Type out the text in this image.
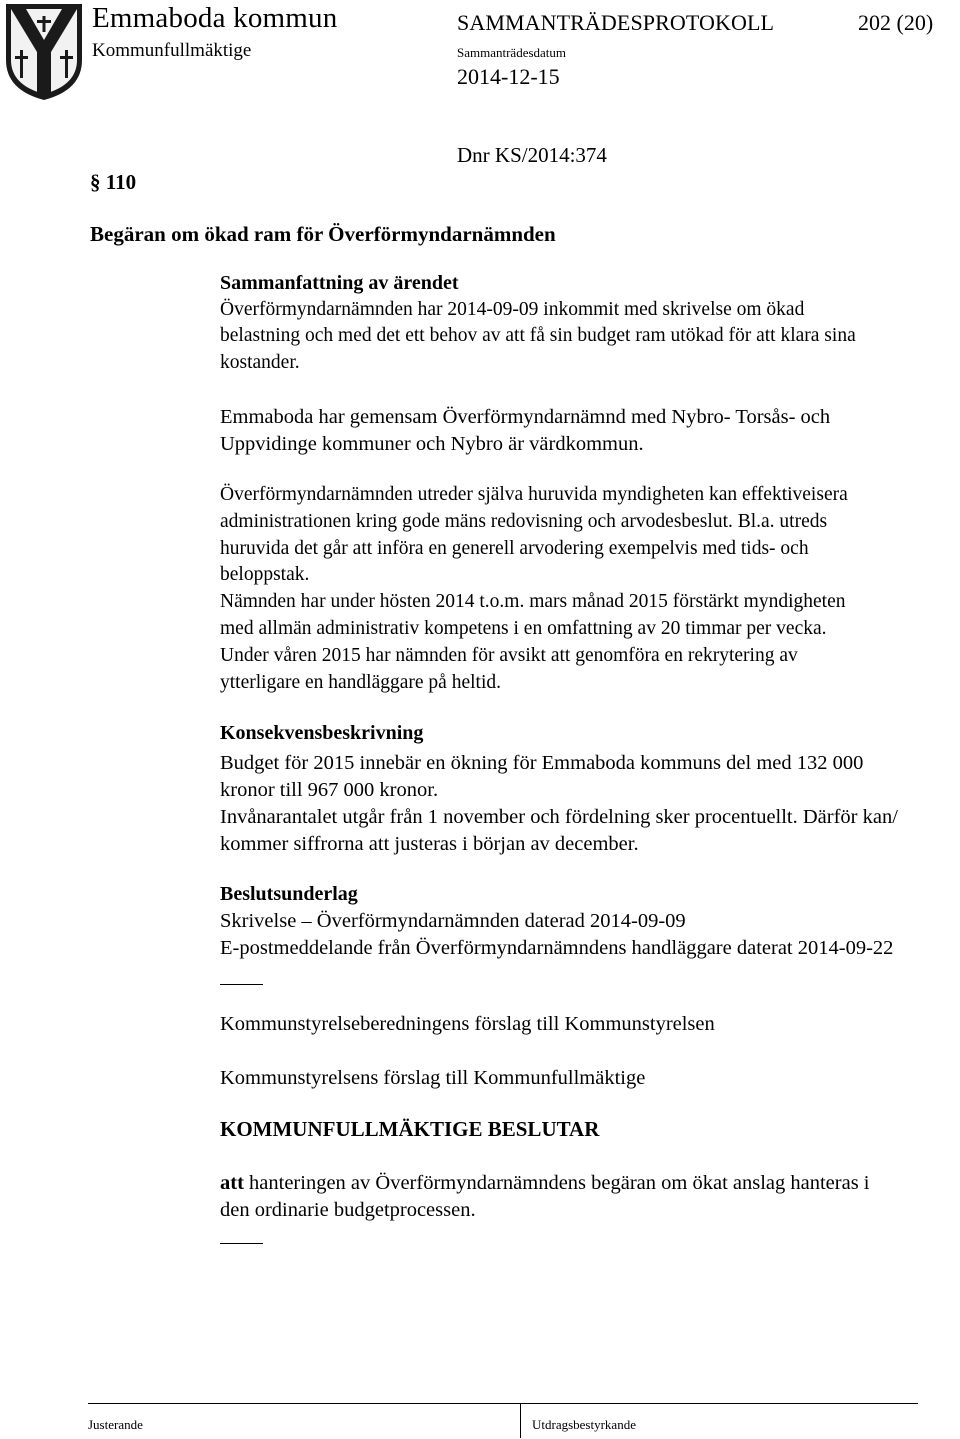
Emmaboda kommun
Kommunfullmäktige
SAMMANTRÄDESPROTOKOLL	202 (20)
Sammanträdesdatum
2014-12-15
§ 110
Dnr KS/2014:374
Begäran om ökad ram för Överförmyndarnämnden

Sammanfattning av ärendet

Överförmyndarnämnden har 2014-09-09 inkommit med skrivelse om ökad

belastning och med det ett behov av att få sin budget ram utökad för att klara sina

kostander.

Emmaboda har gemensam Överförmyndarnämnd med Nybro- Torsås- och

Uppvidinge kommuner och Nybro är värdkommun.

Överförmyndarnämnden utreder själva huruvida myndigheten kan effektiveisera

administrationen kring gode mäns redovisning och arvodesbeslut. Bl.a. utreds

huruvida det går att införa en generell arvodering exempelvis med tids- och

beloppstak.

Nämnden har under hösten 2014 t.o.m. mars månad 2015 förstärkt myndigheten

med allmän administrativ kompetens i en omfattning av 20 timmar per vecka.

Under våren 2015 har nämnden för avsikt att genomföra en rekrytering av

ytterligare en handläggare på heltid.

Konsekvensbeskrivning

Budget för 2015 innebär en ökning för Emmaboda kommuns del med 132 000

kronor till 967 000 kronor.

Invånarantalet utgår från 1 november och fördelning sker procentuellt. Därför kan/

kommer siffrorna att justeras i början av december.

Beslutsunderlag

Skrivelse – Överförmyndarnämnden daterad 2014-09-09

E-postmeddelande från Överförmyndarnämndens handläggare daterat 2014-09-22

Kommunstyrelseberedningens förslag till Kommunstyrelsen

Kommunstyrelsens förslag till Kommunfullmäktige

KOMMUNFULLMÄKTIGE BESLUTAR

att hanteringen av Överförmyndarnämndens begäran om ökat anslag hanteras i

den ordinarie budgetprocessen.

Justerande	Utdragsbestyrkande
